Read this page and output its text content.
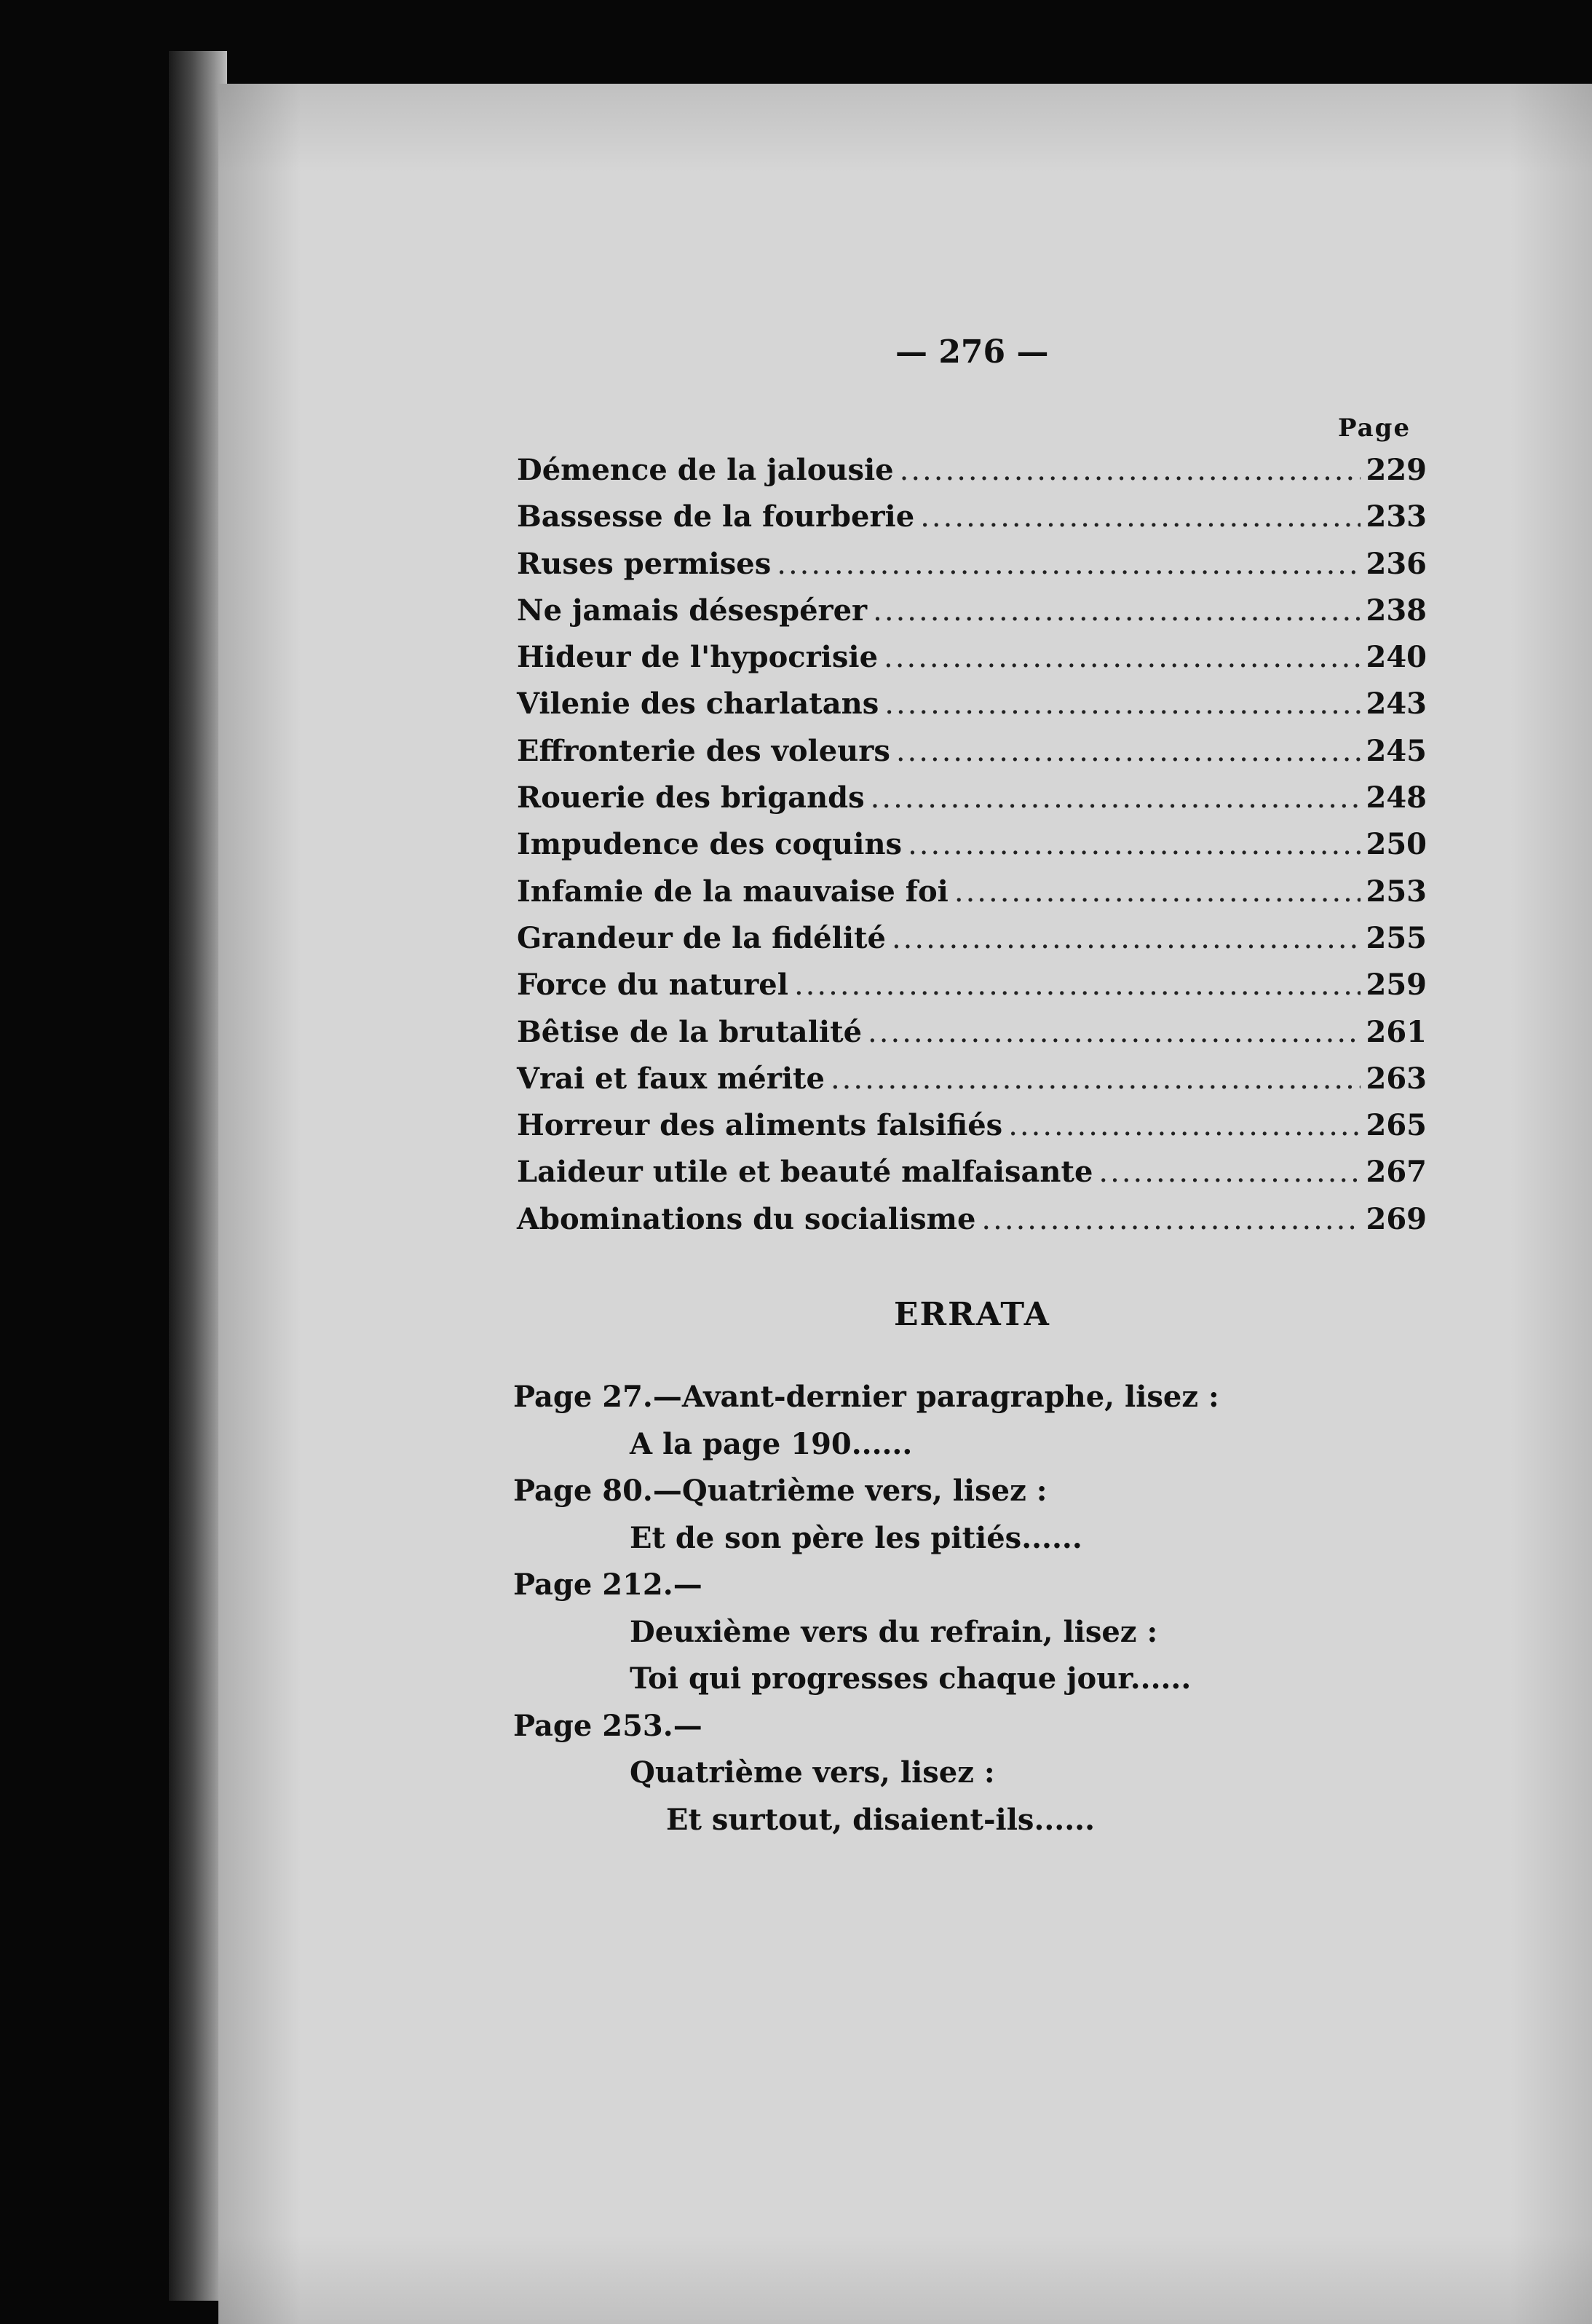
— 276 —
Page
Démence de la jalousie .....	229
Bassesse de la fourberie .....	233
Ruses permises .....	236
Ne jamais désespérer .....	238
Hideur de l'hypocrisie .....	240
Vilenie des charlatans .....	243
Effronterie des voleurs .....	245
Rouerie des brigands .....	248
Impudence des coquins .....	250
Infamie de la mauvaise foi .....	253
Grandeur de la fidélité .....	255
Force du naturel .....	259
Bêtise de la brutalité .....	261
Vrai et faux mérite .....	263
Horreur des aliments falsifiés .....	265
Laideur utile et beauté malfaisante .....	267
Abominations du socialisme .....	269
ERRATA
Page 27.—Avant-dernier paragraphe, lisez :
A la page 190......
Page 80.—Quatrième vers, lisez :
Et de son père les pitiés......
Page 212.—
Deuxième vers du refrain, lisez :
Toi qui progresses chaque jour......
Page 253.—
Quatrième vers, lisez :
Et surtout, disaient-ils......
